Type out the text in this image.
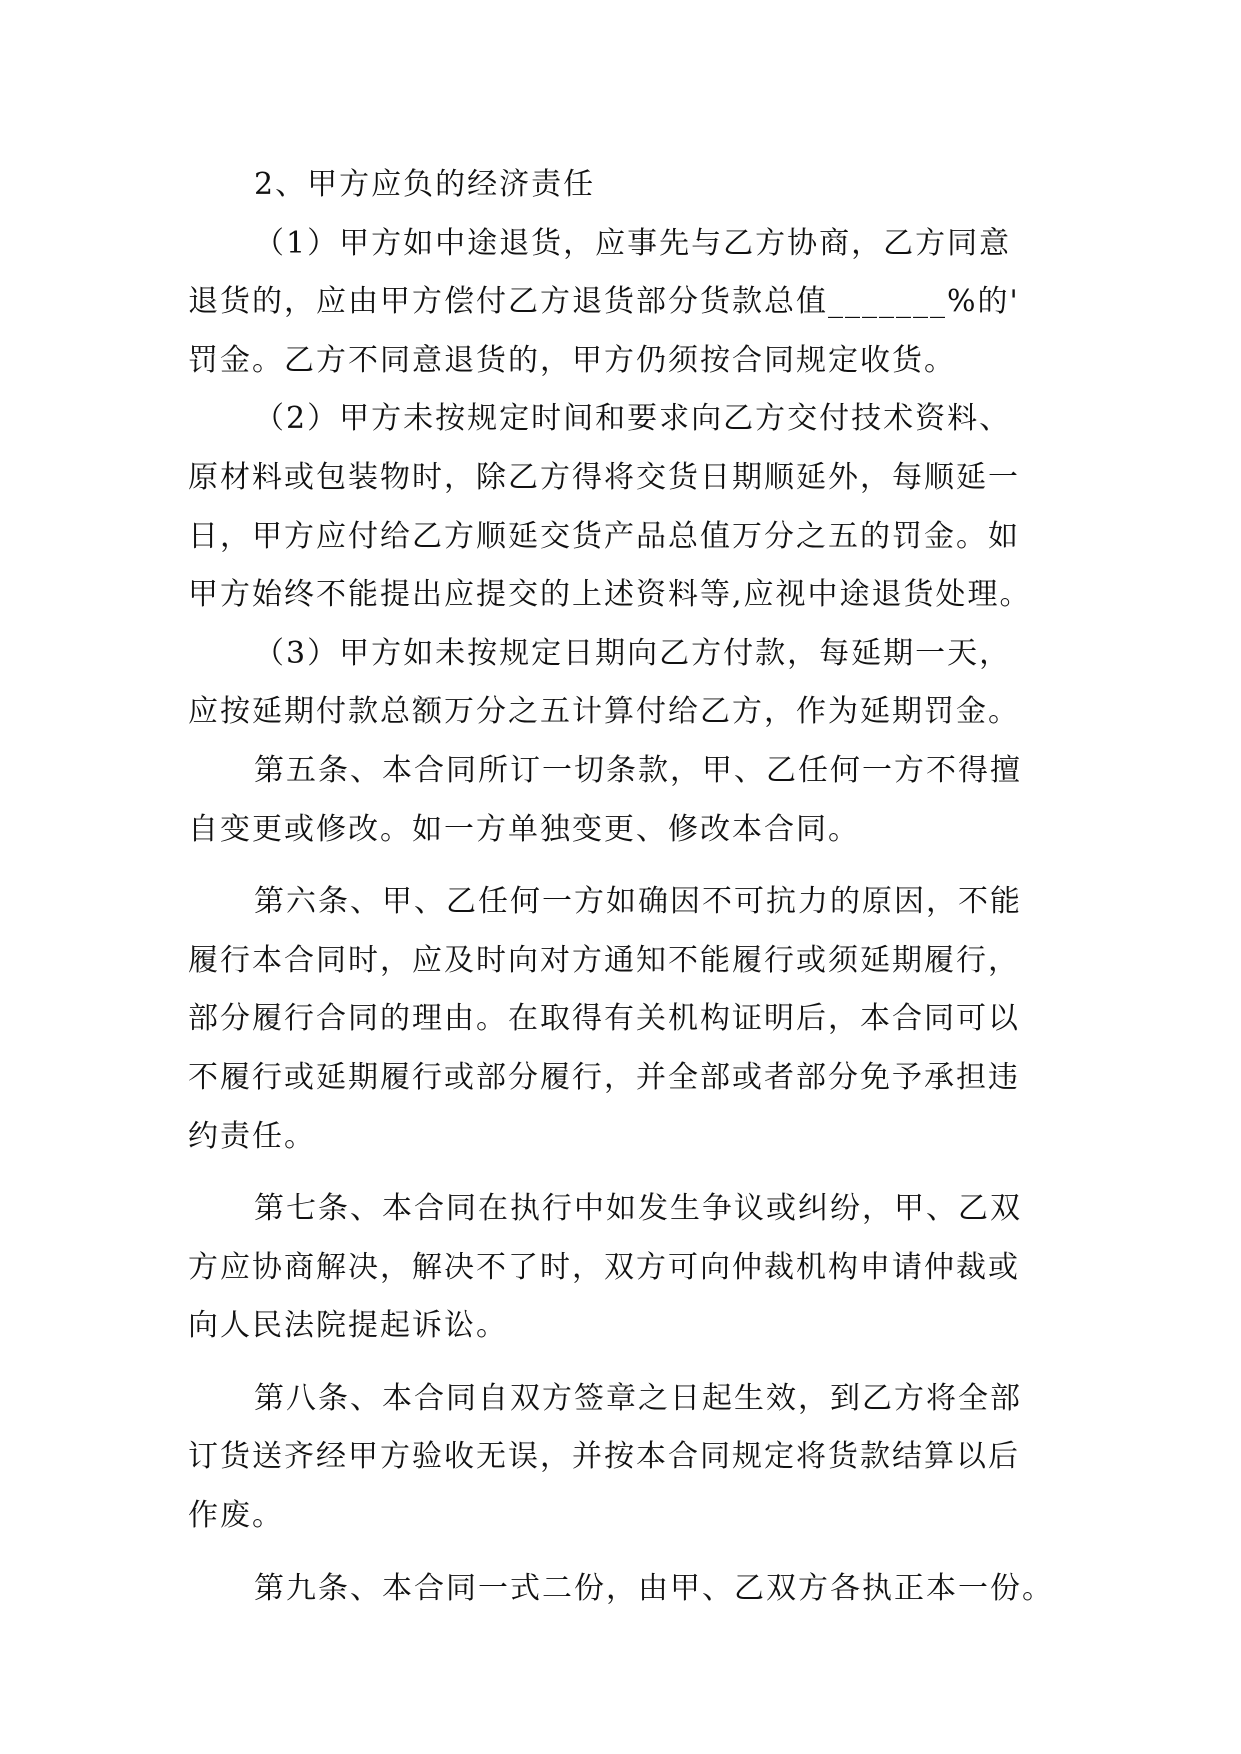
2、甲方应负的经济责任
（1）甲方如中途退货，应事先与乙方协商，乙方同意
退货的，应由甲方偿付乙方退货部分货款总值_______%的'
罚金。乙方不同意退货的，甲方仍须按合同规定收货。
（2）甲方未按规定时间和要求向乙方交付技术资料、
原材料或包装物时，除乙方得将交货日期顺延外，每顺延一
日，甲方应付给乙方顺延交货产品总值万分之五的罚金。如
甲方始终不能提出应提交的上述资料等,应视中途退货处理。
（3）甲方如未按规定日期向乙方付款，每延期一天，
应按延期付款总额万分之五计算付给乙方，作为延期罚金。
第五条、本合同所订一切条款，甲、乙任何一方不得擅
自变更或修改。如一方单独变更、修改本合同。
第六条、甲、乙任何一方如确因不可抗力的原因，不能
履行本合同时，应及时向对方通知不能履行或须延期履行，
部分履行合同的理由。在取得有关机构证明后，本合同可以
不履行或延期履行或部分履行，并全部或者部分免予承担违
约责任。
第七条、本合同在执行中如发生争议或纠纷，甲、乙双
方应协商解决，解决不了时，双方可向仲裁机构申请仲裁或
向人民法院提起诉讼。
第八条、本合同自双方签章之日起生效，到乙方将全部
订货送齐经甲方验收无误，并按本合同规定将货款结算以后
作废。
第九条、本合同一式二份，由甲、乙双方各执正本一份。
